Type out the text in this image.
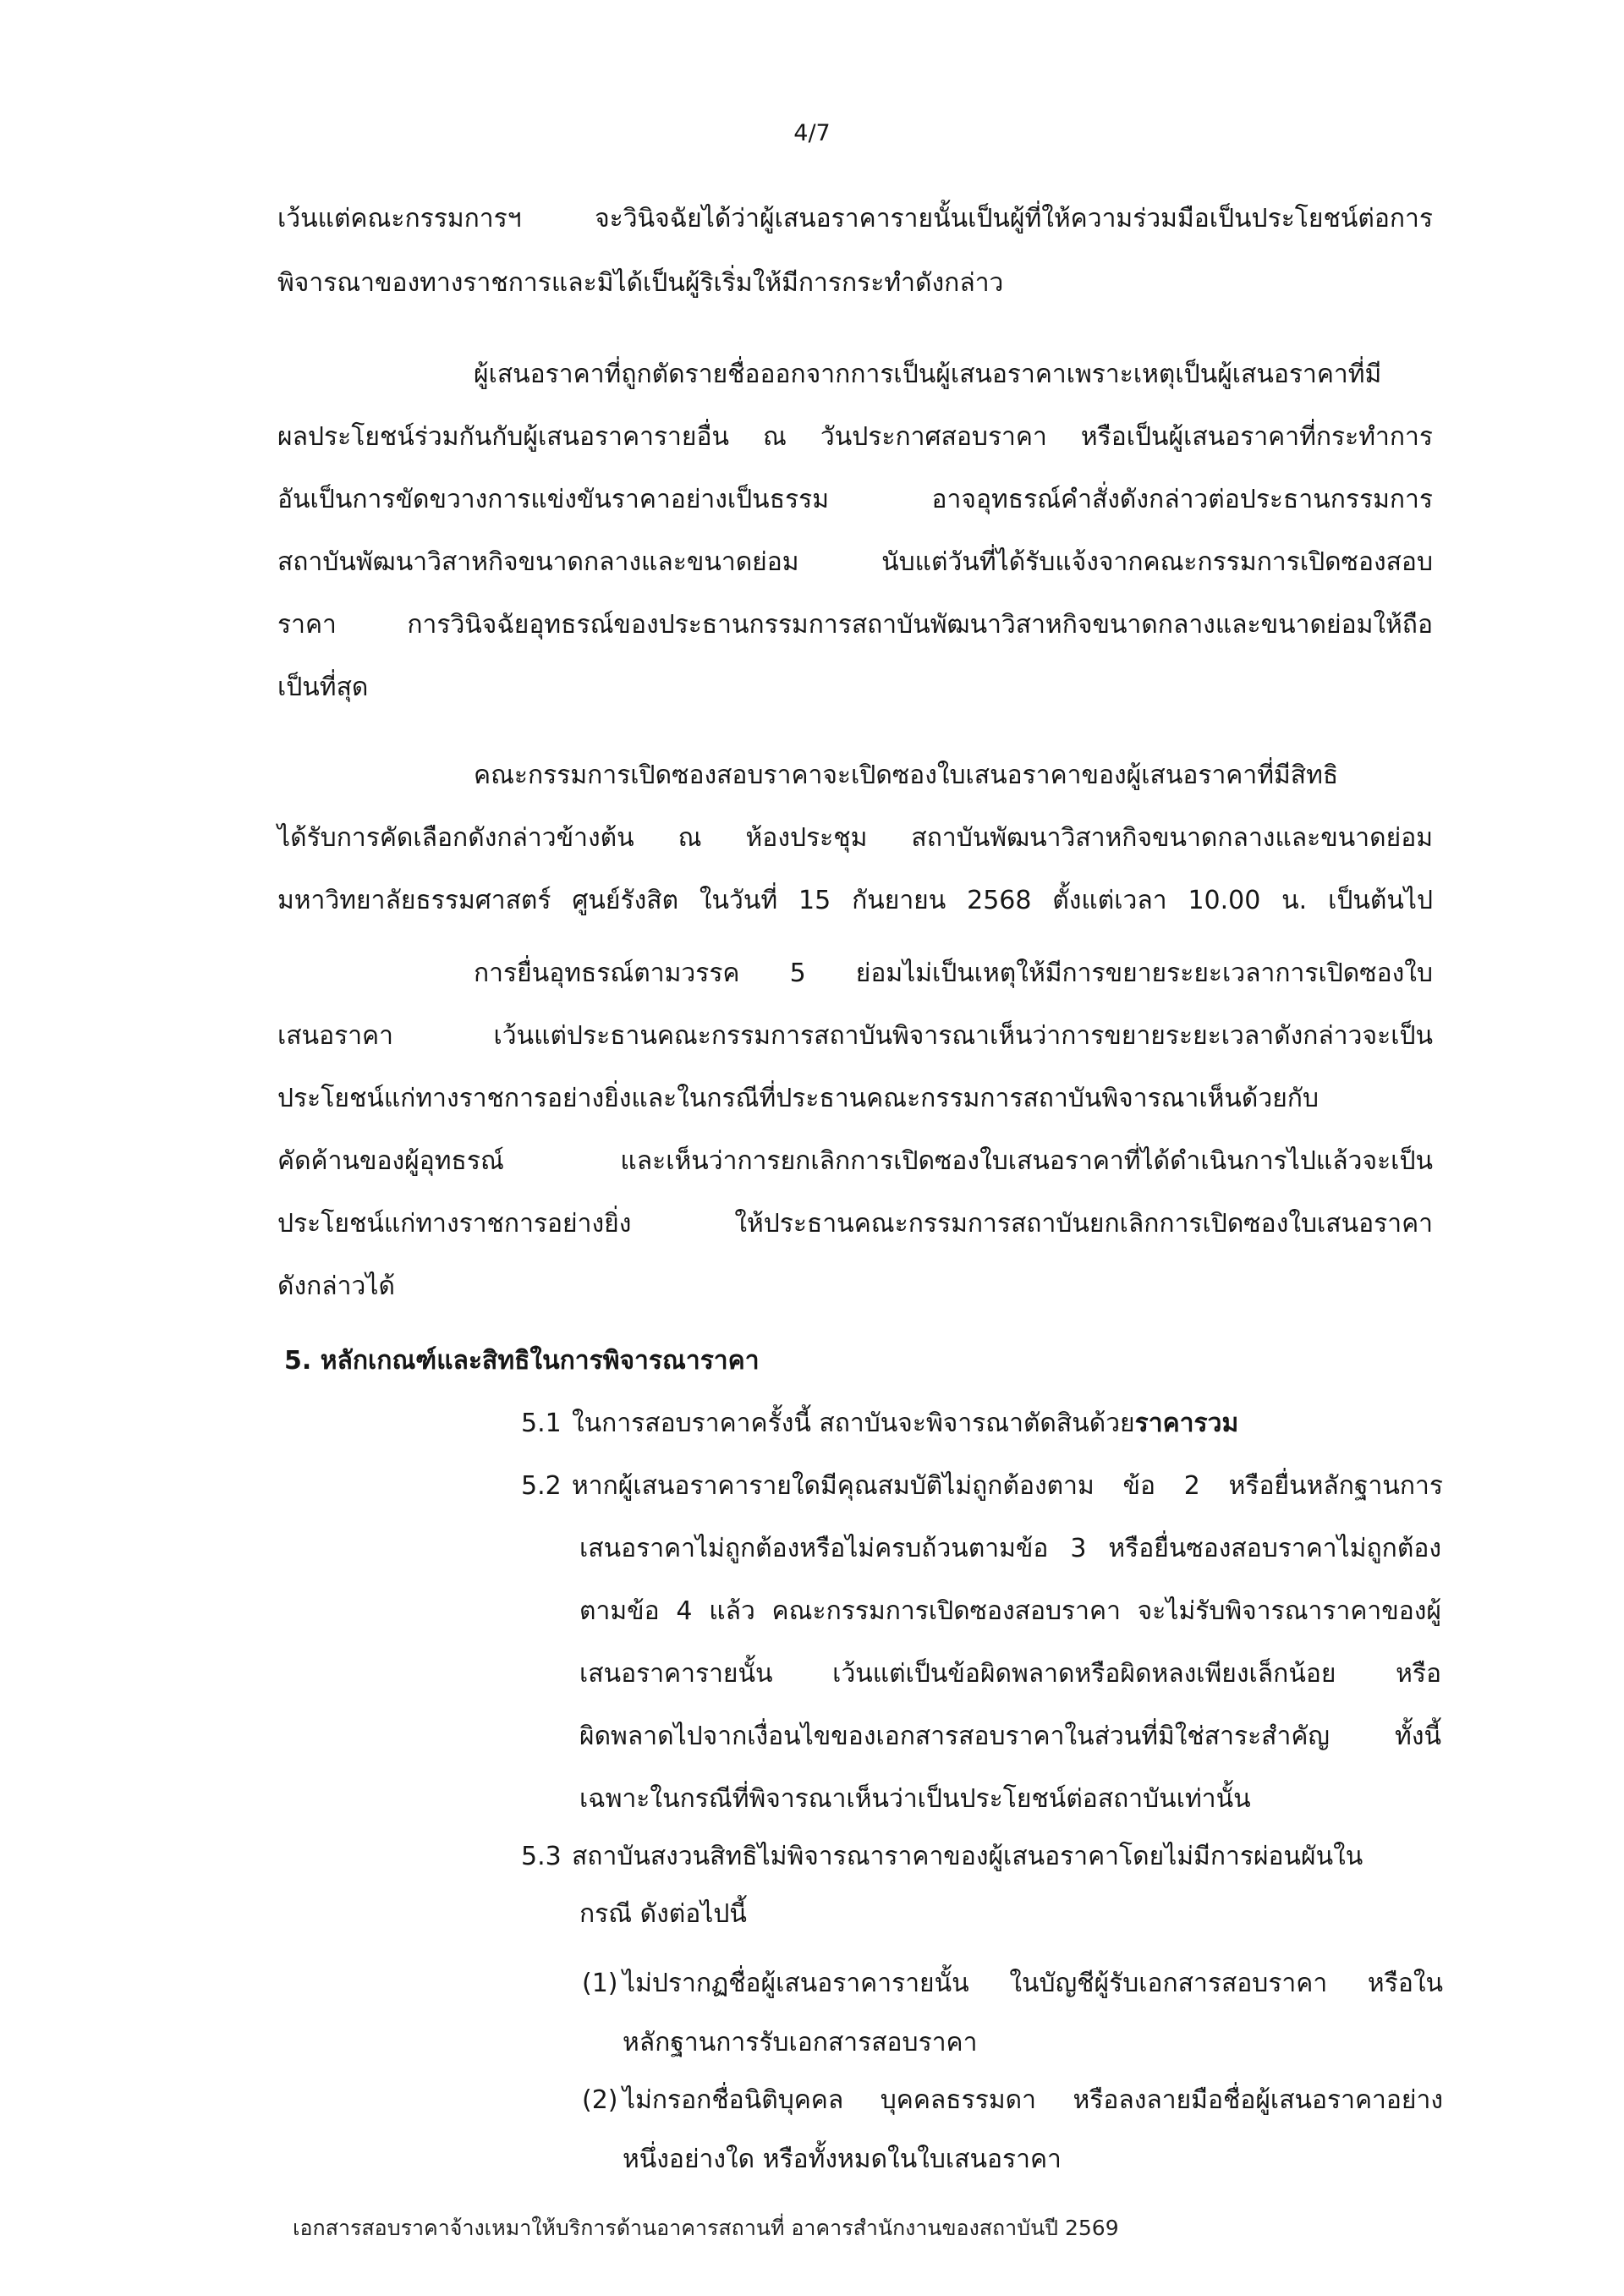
4/7
เว้นแต่คณะกรรมการฯ จะวินิจฉัยได้ว่าผู้เสนอราคารายนั้นเป็นผู้ที่ให้ความร่วมมือเป็นประโยชน์ต่อการ
พิจารณาของทางราชการและมิได้เป็นผู้ริเริ่มให้มีการกระทำดังกล่าว
ผู้เสนอราคาที่ถูกตัดรายชื่อออกจากการเป็นผู้เสนอราคาเพราะเหตุเป็นผู้เสนอราคาที่มี
ผลประโยชน์ร่วมกันกับผู้เสนอราคารายอื่น ณ วันประกาศสอบราคา หรือเป็นผู้เสนอราคาที่กระทำการ
อันเป็นการขัดขวางการแข่งขันราคาอย่างเป็นธรรม อาจอุทธรณ์คำสั่งดังกล่าวต่อประธานกรรมการ
สถาบันพัฒนาวิสาหกิจขนาดกลางและขนาดย่อม นับแต่วันที่ได้รับแจ้งจากคณะกรรมการเปิดซองสอบ
ราคา การวินิจฉัยอุทธรณ์ของประธานกรรมการสถาบันพัฒนาวิสาหกิจขนาดกลางและขนาดย่อมให้ถือ
เป็นที่สุด
คณะกรรมการเปิดซองสอบราคาจะเปิดซองใบเสนอราคาของผู้เสนอราคาที่มีสิทธิ
ได้รับการคัดเลือกดังกล่าวข้างต้น ณ ห้องประชุม สถาบันพัฒนาวิสาหกิจขนาดกลางและขนาดย่อม
มหาวิทยาลัยธรรมศาสตร์ ศูนย์รังสิต ในวันที่ 15 กันยายน 2568 ตั้งแต่เวลา 10.00 น. เป็นต้นไป
การยื่นอุทธรณ์ตามวรรค 5 ย่อมไม่เป็นเหตุให้มีการขยายระยะเวลาการเปิดซองใบ
เสนอราคา เว้นแต่ประธานคณะกรรมการสถาบันพิจารณาเห็นว่าการขยายระยะเวลาดังกล่าวจะเป็น
ประโยชน์แก่ทางราชการอย่างยิ่งและในกรณีที่ประธานคณะกรรมการสถาบันพิจารณาเห็นด้วยกับ
คัดค้านของผู้อุทธรณ์ และเห็นว่าการยกเลิกการเปิดซองใบเสนอราคาที่ได้ดำเนินการไปแล้วจะเป็น
ประโยชน์แก่ทางราชการอย่างยิ่ง ให้ประธานคณะกรรมการสถาบันยกเลิกการเปิดซองใบเสนอราคา
ดังกล่าวได้
5. หลักเกณฑ์และสิทธิในการพิจารณาราคา
5.1 ในการสอบราคาครั้งนี้ สถาบันจะพิจารณาตัดสินด้วยราคารวม
5.2 หากผู้เสนอราคารายใดมีคุณสมบัติไม่ถูกต้องตาม ข้อ 2 หรือยื่นหลักฐานการ
เสนอราคาไม่ถูกต้องหรือไม่ครบถ้วนตามข้อ 3 หรือยื่นซองสอบราคาไม่ถูกต้อง
ตามข้อ 4 แล้ว คณะกรรมการเปิดซองสอบราคา จะไม่รับพิจารณาราคาของผู้
เสนอราคารายนั้น เว้นแต่เป็นข้อผิดพลาดหรือผิดหลงเพียงเล็กน้อย หรือ
ผิดพลาดไปจากเงื่อนไขของเอกสารสอบราคาในส่วนที่มิใช่สาระสำคัญ ทั้งนี้
เฉพาะในกรณีที่พิจารณาเห็นว่าเป็นประโยชน์ต่อสถาบันเท่านั้น
5.3 สถาบันสงวนสิทธิไม่พิจารณาราคาของผู้เสนอราคาโดยไม่มีการผ่อนผันใน
กรณี ดังต่อไปนี้
(1) ไม่ปรากฏชื่อผู้เสนอราคารายนั้น ในบัญชีผู้รับเอกสารสอบราคา หรือใน
หลักฐานการรับเอกสารสอบราคา
(2) ไม่กรอกชื่อนิติบุคคล บุคคลธรรมดา หรือลงลายมือชื่อผู้เสนอราคาอย่าง
หนึ่งอย่างใด หรือทั้งหมดในใบเสนอราคา
เอกสารสอบราคาจ้างเหมาให้บริการด้านอาคารสถานที่ อาคารสำนักงานของสถาบันปี 2569
